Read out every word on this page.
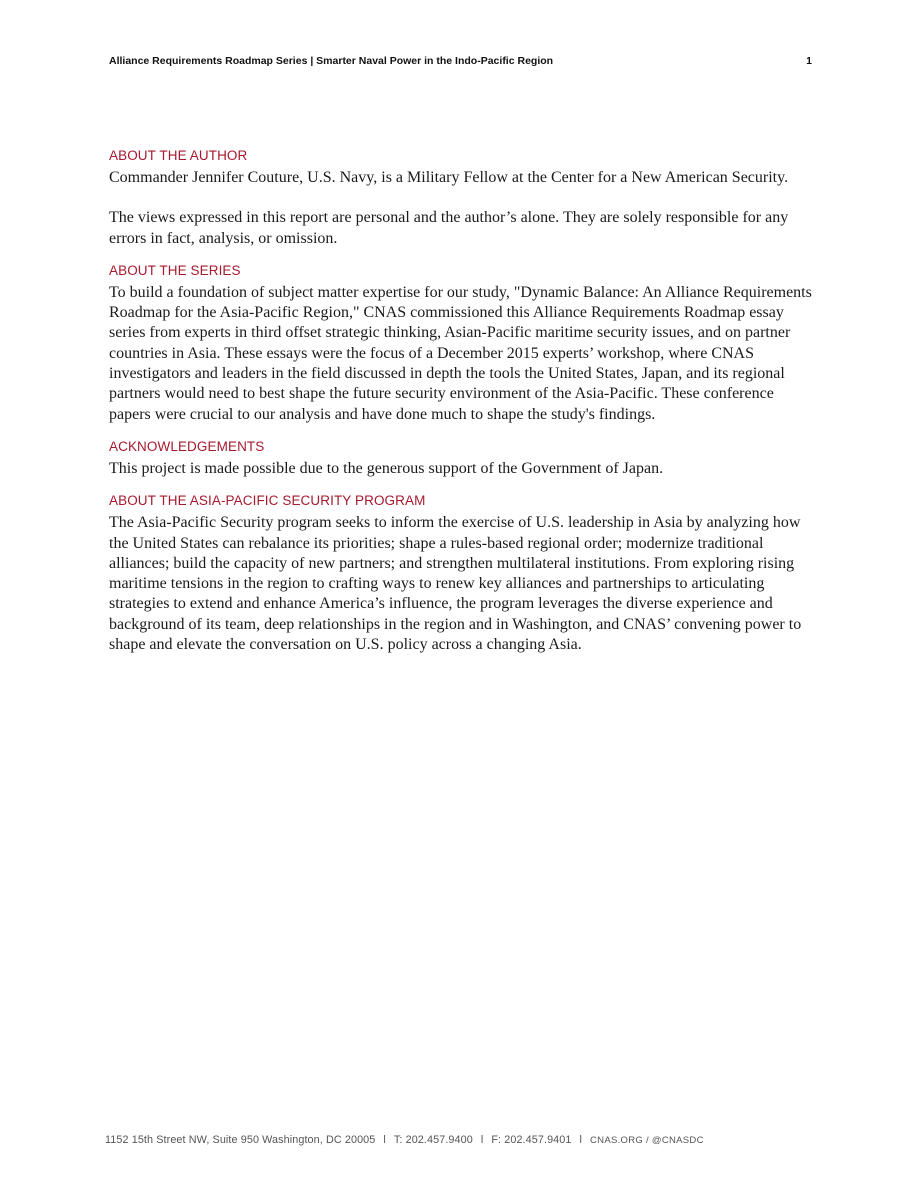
Alliance Requirements Roadmap Series | Smarter Naval Power in the Indo-Pacific Region	1
ABOUT THE AUTHOR

Commander Jennifer Couture, U.S. Navy, is a Military Fellow at the Center for a New American Security.

The views expressed in this report are personal and the author’s alone. They are solely responsible for any errors in fact, analysis, or omission.

ABOUT THE SERIES

To build a foundation of subject matter expertise for our study, "Dynamic Balance: An Alliance Requirements Roadmap for the Asia-Pacific Region," CNAS commissioned this Alliance Requirements Roadmap essay series from experts in third offset strategic thinking, Asian-Pacific maritime security issues, and on partner countries in Asia. These essays were the focus of a December 2015 experts’ workshop, where CNAS investigators and leaders in the field discussed in depth the tools the United States, Japan, and its regional partners would need to best shape the future security environment of the Asia-Pacific. These conference papers were crucial to our analysis and have done much to shape the study's findings.

ACKNOWLEDGEMENTS

This project is made possible due to the generous support of the Government of Japan.

ABOUT THE ASIA-PACIFIC SECURITY PROGRAM

The Asia-Pacific Security program seeks to inform the exercise of U.S. leadership in Asia by analyzing how the United States can rebalance its priorities; shape a rules-based regional order; modernize traditional alliances; build the capacity of new partners; and strengthen multilateral institutions. From exploring rising maritime tensions in the region to crafting ways to renew key alliances and partnerships to articulating strategies to extend and enhance America’s influence, the program leverages the diverse experience and background of its team, deep relationships in the region and in Washington, and CNAS’ convening power to shape and elevate the conversation on U.S. policy across a changing Asia.

1152 15th Street NW, Suite 950 Washington, DC 20005 l T: 202.457.9400 l F: 202.457.9401 l CNAS.ORG / @CNASDC
